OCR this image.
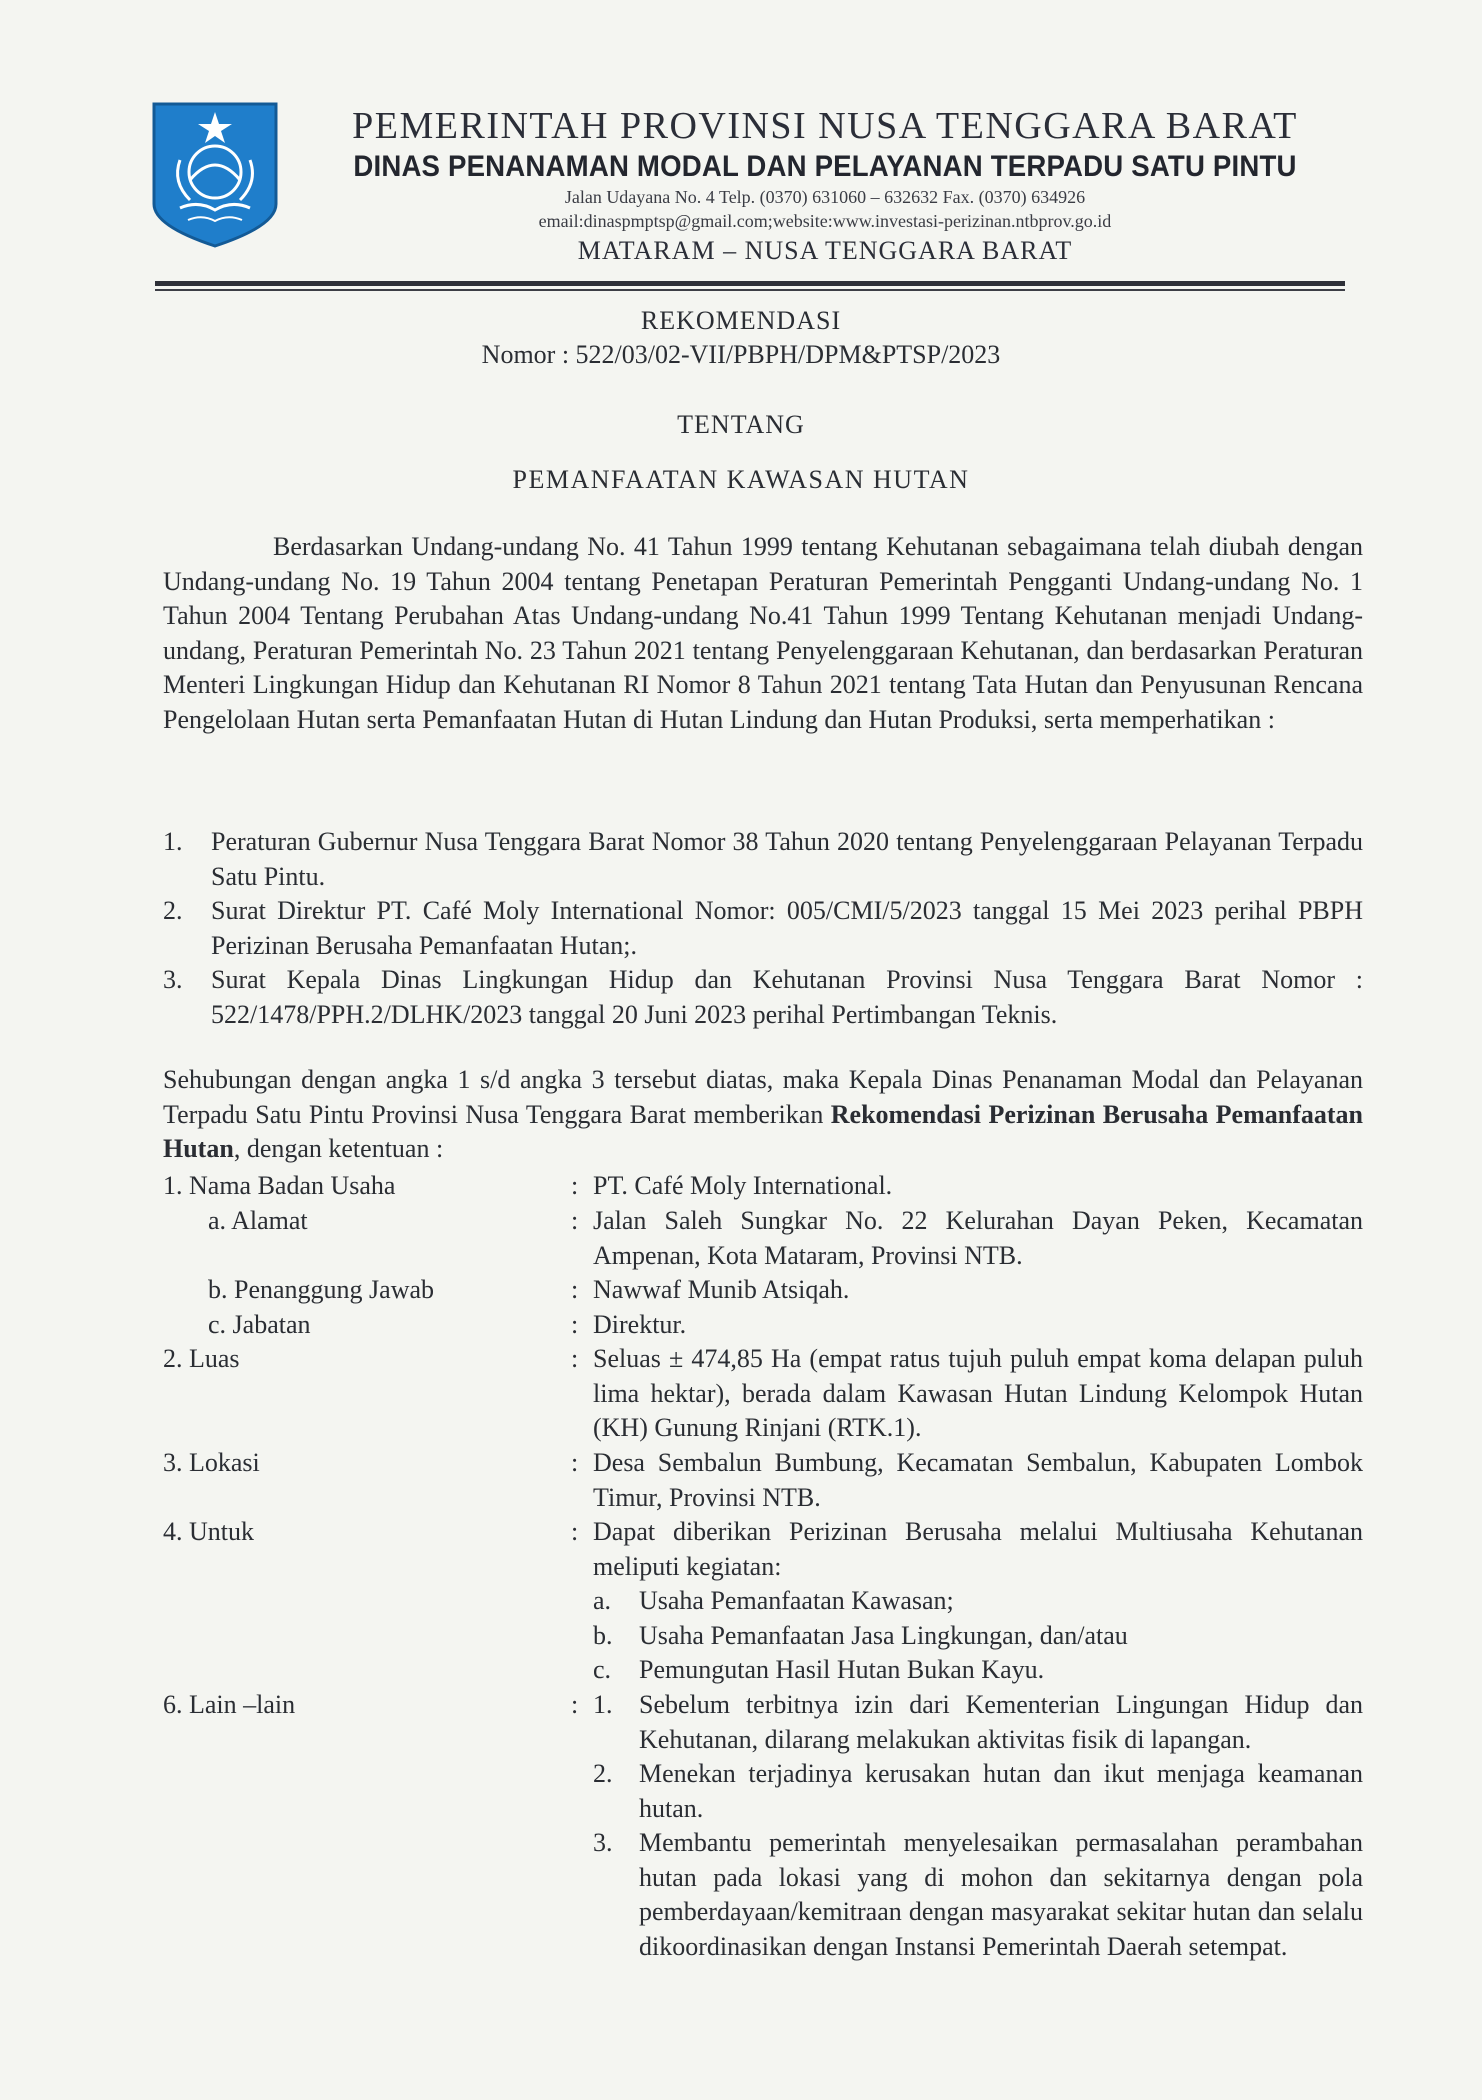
PEMERINTAH PROVINSI NUSA TENGGARA BARAT
DINAS PENANAMAN MODAL DAN PELAYANAN TERPADU SATU PINTU
Jalan Udayana No. 4 Telp. (0370) 631060 – 632632 Fax. (0370) 634926
email:dinaspmptsp@gmail.com;website:www.investasi-perizinan.ntbprov.go.id
MATARAM – NUSA TENGGARA BARAT
REKOMENDASI
Nomor : 522/03/02-VII/PBPH/DPM&PTSP/2023
TENTANG
PEMANFAATAN KAWASAN HUTAN
Berdasarkan Undang-undang No. 41 Tahun 1999 tentang Kehutanan sebagaimana telah diubah dengan Undang-undang No. 19 Tahun 2004 tentang Penetapan Peraturan Pemerintah Pengganti Undang-undang No. 1 Tahun 2004 Tentang Perubahan Atas Undang-undang No.41 Tahun 1999 Tentang Kehutanan menjadi Undang-undang, Peraturan Pemerintah No. 23 Tahun 2021 tentang Penyelenggaraan Kehutanan, dan berdasarkan Peraturan Menteri Lingkungan Hidup dan Kehutanan RI Nomor 8 Tahun 2021 tentang Tata Hutan dan Penyusunan Rencana Pengelolaan Hutan serta Pemanfaatan Hutan di Hutan Lindung dan Hutan Produksi, serta memperhatikan :
1. Peraturan Gubernur Nusa Tenggara Barat Nomor 38 Tahun 2020 tentang Penyelenggaraan Pelayanan Terpadu Satu Pintu.
2. Surat Direktur PT. Café Moly International Nomor: 005/CMI/5/2023 tanggal 15 Mei 2023 perihal PBPH Perizinan Berusaha Pemanfaatan Hutan;.
3. Surat Kepala Dinas Lingkungan Hidup dan Kehutanan Provinsi Nusa Tenggara Barat Nomor : 522/1478/PPH.2/DLHK/2023 tanggal 20 Juni 2023 perihal Pertimbangan Teknis.
Sehubungan dengan angka 1 s/d angka 3 tersebut diatas, maka Kepala Dinas Penanaman Modal dan Pelayanan Terpadu Satu Pintu Provinsi Nusa Tenggara Barat memberikan Rekomendasi Perizinan Berusaha Pemanfaatan Hutan, dengan ketentuan :
1. Nama Badan Usaha	: PT. Café Moly International.
a. Alamat	: Jalan Saleh Sungkar No. 22 Kelurahan Dayan Peken, Kecamatan Ampenan, Kota Mataram, Provinsi NTB.
b. Penanggung Jawab	: Nawwaf Munib Atsiqah.
c. Jabatan	: Direktur.
2. Luas	: Seluas ± 474,85 Ha (empat ratus tujuh puluh empat koma delapan puluh lima hektar), berada dalam Kawasan Hutan Lindung Kelompok Hutan (KH) Gunung Rinjani (RTK.1).
3. Lokasi	: Desa Sembalun Bumbung, Kecamatan Sembalun, Kabupaten Lombok Timur, Provinsi NTB.
4. Untuk	: Dapat diberikan Perizinan Berusaha melalui Multiusaha Kehutanan meliputi kegiatan:
a. Usaha Pemanfaatan Kawasan;
b. Usaha Pemanfaatan Jasa Lingkungan, dan/atau
c. Pemungutan Hasil Hutan Bukan Kayu.
6. Lain –lain	: 1. Sebelum terbitnya izin dari Kementerian Lingungan Hidup dan Kehutanan, dilarang melakukan aktivitas fisik di lapangan.
2. Menekan terjadinya kerusakan hutan dan ikut menjaga keamanan hutan.
3. Membantu pemerintah menyelesaikan permasalahan perambahan hutan pada lokasi yang di mohon dan sekitarnya dengan pola pemberdayaan/kemitraan dengan masyarakat sekitar hutan dan selalu dikoordinasikan dengan Instansi Pemerintah Daerah setempat.
